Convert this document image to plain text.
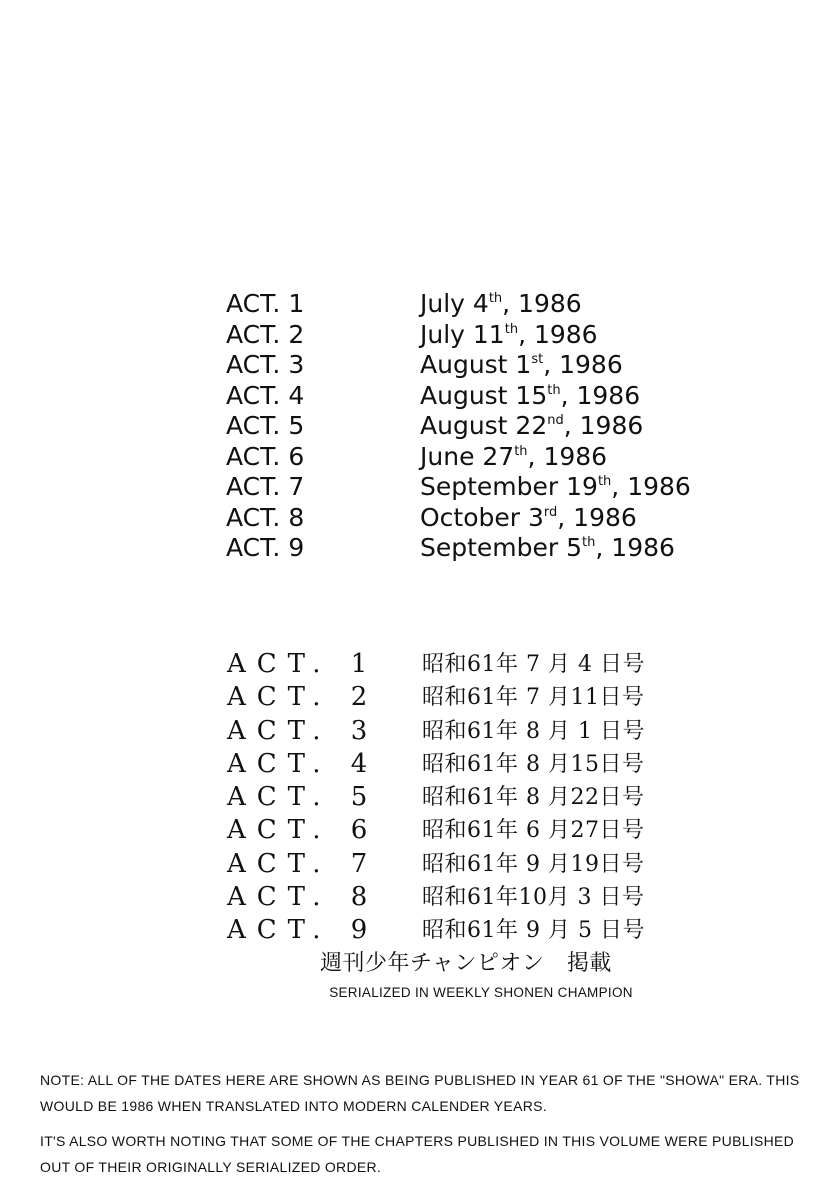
ACT. 1	July 4th, 1986
ACT. 2	July 11th, 1986
ACT. 3	August 1st, 1986
ACT. 4	August 15th, 1986
ACT. 5	August 22nd, 1986
ACT. 6	June 27th, 1986
ACT. 7	September 19th, 1986
ACT. 8	October 3rd, 1986
ACT. 9	September 5th, 1986
ACT. 1 昭和61年 7 月 4 日号
ACT. 2 昭和61年 7 月11日号
ACT. 3 昭和61年 8 月 1 日号
ACT. 4 昭和61年 8 月15日号
ACT. 5 昭和61年 8 月22日号
ACT. 6 昭和61年 6 月27日号
ACT. 7 昭和61年 9 月19日号
ACT. 8 昭和61年10月 3 日号
ACT. 9 昭和61年 9 月 5 日号
週刊少年チャンピオン　掲載
SERIALIZED IN WEEKLY SHONEN CHAMPION
NOTE: ALL OF THE DATES HERE ARE SHOWN AS BEING PUBLISHED IN YEAR 61 OF THE "SHOWA" ERA. THIS WOULD BE 1986 WHEN TRANSLATED INTO MODERN CALENDER YEARS.
IT'S ALSO WORTH NOTING THAT SOME OF THE CHAPTERS PUBLISHED IN THIS VOLUME WERE PUBLISHED OUT OF THEIR ORIGINALLY SERIALIZED ORDER.
